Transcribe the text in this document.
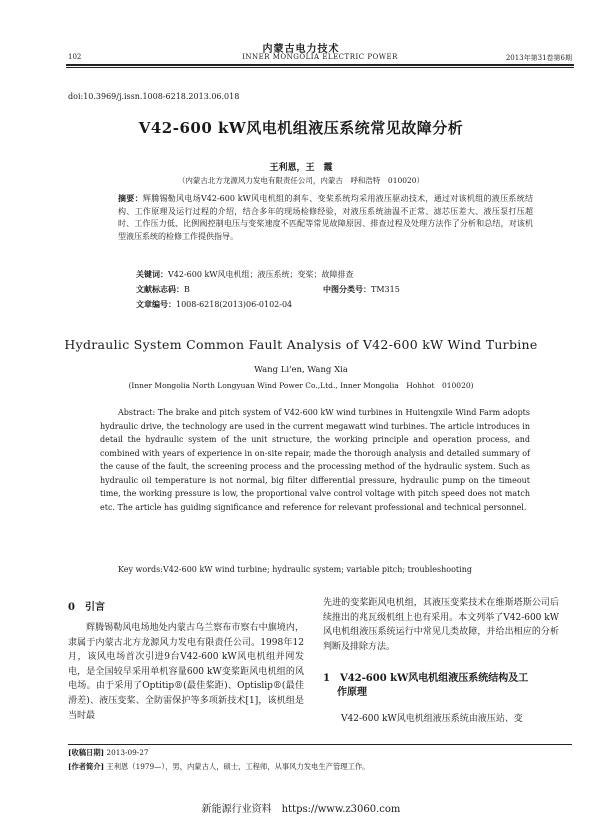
内蒙古电力技术
102	INNER MONGOLIA ELECTRIC POWER	2013年第31卷第6期
doi:10.3969/j.issn.1008-6218.2013.06.018
V42-600 kW风电机组液压系统常见故障分析
王利恩，王　霞
（内蒙古北方龙源风力发电有限责任公司，内蒙古　呼和浩特　010020）
摘要：辉腾锡勒风电场V42-600 kW风电机组的刹车、变桨系统均采用液压驱动技术，通过对该机组的液压系统结构、工作原理及运行过程的介绍，结合多年的现场检修经验，对液压系统油温不正常、滤芯压差大、液压泵打压超时、工作压力低、比例阀控制电压与变桨速度不匹配等常见故障原因、排查过程及处理方法作了分析和总结，对该机型液压系统的检修工作提供指导。
关键词：V42-600 kW风电机组；液压系统；变桨；故障排查
文献标志码：B	中图分类号：TM315
文章编号：1008-6218(2013)06-0102-04
Hydraulic System Common Fault Analysis of V42-600 kW Wind Turbine
Wang Li'en, Wang Xia
(Inner Mongolia North Longyuan Wind Power Co.,Ltd., Inner Mongolia　Hohhot　010020)
Abstract: The brake and pitch system of V42-600 kW wind turbines in Huitengxile Wind Farm adopts hydraulic drive, the technology are used in the current megawatt wind turbines. The article introduces in detail the hydraulic system of the unit structure, the working principle and operation process, and combined with years of experience in on-site repair, made the thorough analysis and detailed summary of the cause of the fault, the screening process and the processing method of the hydraulic system. Such as hydraulic oil temperature is not normal, big filter differential pressure, hydraulic pump on the timeout time, the working pressure is low, the proportional valve control voltage with pitch speed does not match etc. The article has guiding significance and reference for relevant professional and technical personnel.
Key words:V42-600 kW wind turbine; hydraulic system; variable pitch; troubleshooting
0　引言
辉腾锡勒风电场地处内蒙古乌兰察布市察右中旗境内，隶属于内蒙古北方龙源风力发电有限责任公司。1998年12月，该风电场首次引进9台V42-600 kW风电机组并网发电，是全国较早采用单机容量600 kW变桨距风电机组的风电场。由于采用了Optitip®(最佳桨距)、Optislip®(最佳滑差)、液压变桨、全防雷保护等多项新技术[1]，该机组是当时最
先进的变桨距风电机组，其液压变桨技术在维斯塔斯公司后续推出的兆瓦级机组上也有采用。本文列举了V42-600 kW风电机组液压系统运行中常见几类故障，并给出相应的分析判断及排除方法。
1　V42-600 kW风电机组液压系统结构及工
作原理
V42-600 kW风电机组液压系统由液压站、变
[收稿日期] 2013-09-27
[作者简介] 王利恩（1979—），男，内蒙古人，硕士，工程师，从事风力发电生产管理工作。
新能源行业资料　https://www.z3060.com
